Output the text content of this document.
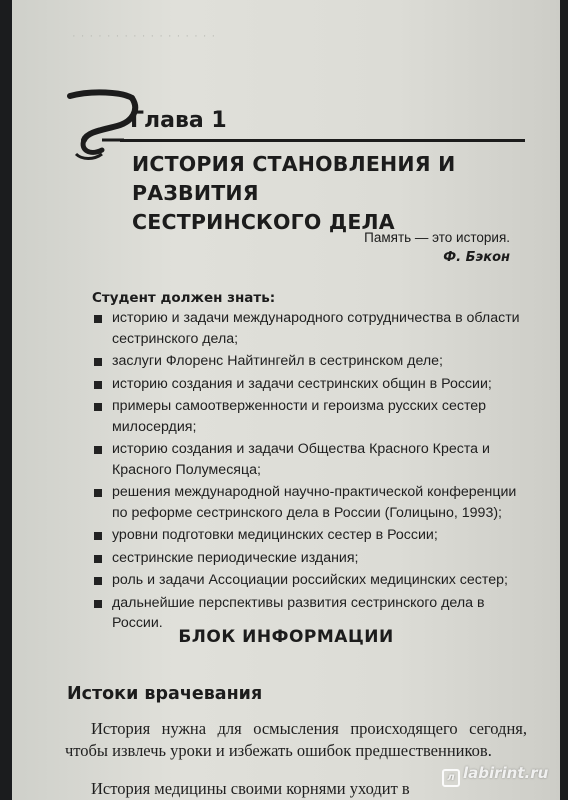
· · · · · · · · · · · · · · · · ·
Глава 1
ИСТОРИЯ СТАНОВЛЕНИЯ И РАЗВИТИЯ
СЕСТРИНСКОГО ДЕЛА
Память — это история.
Ф. Бэкон
Студент должен знать:
историю и задачи международного сотрудничества в области сестринского дела;
заслуги Флоренс Найтингейл в сестринском деле;
историю создания и задачи сестринских общин в России;
примеры самоотверженности и героизма русских сестер милосердия;
историю создания и задачи Общества Красного Креста и Красного Полумесяца;
решения международной научно-практической конференции по реформе сестринского дела в России (Голицыно, 1993);
уровни подготовки медицинских сестер в России;
сестринские периодические издания;
роль и задачи Ассоциации российских медицинских сестер;
дальнейшие перспективы развития сестринского дела в России.
БЛОК ИНФОРМАЦИИ
Истоки врачевания

История нужна для осмысления происходящего сегодня, чтобы извлечь уроки и избежать ошибок предшественников.

История медицины своими корнями уходит в

л labirint.ru
